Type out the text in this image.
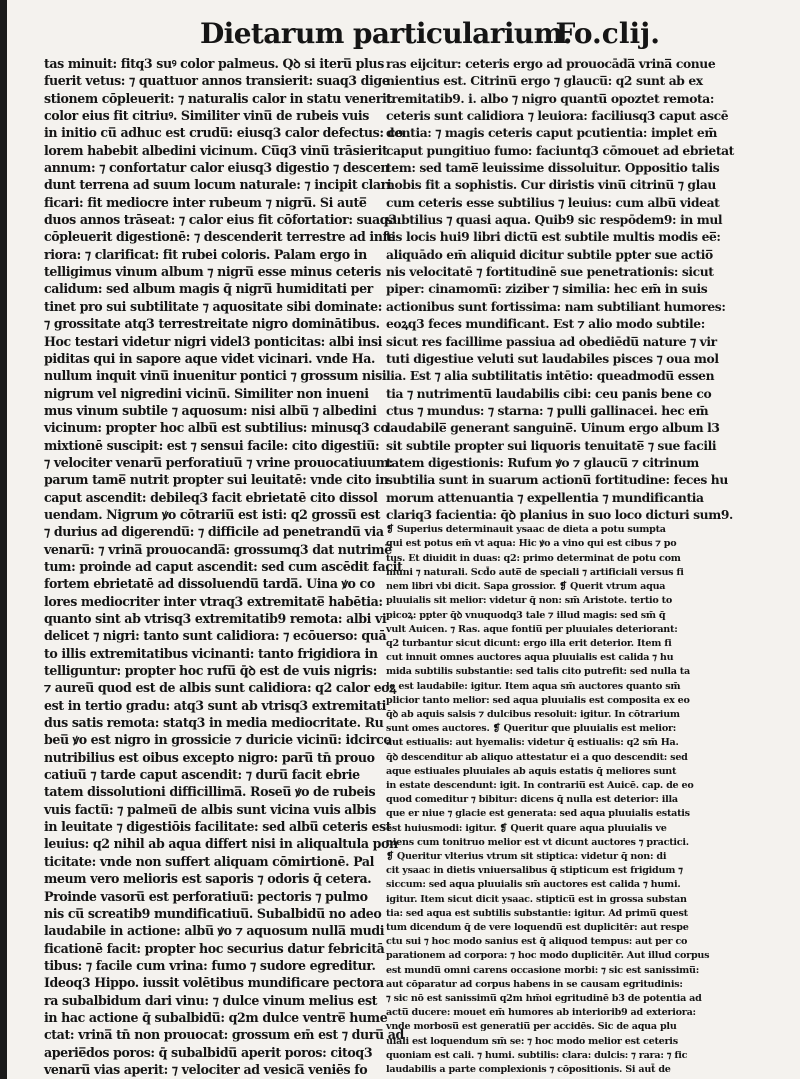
Dietarum particularium.
Fo.clij.
tas minuit: fitq3 suꝰ color palmeus. Qꝺ si iteru̅ plus
fuerit vetus: ⁊ quattuor annos transierit: suaq3 dige
stionem cōpleuerit: ⁊ naturalis calor in statu venerit
color eius fit citriuꝰ. Similiter vinu̅ de rubeis vuis
in initio cu̅ adhuc est crudu̅: eiusq3 calor defectus: co
lorem habebit albedini vicinum. Cu̅q3 vinu̅ trāsierit
annum: ⁊ confortatur calor eiusq3 digestio ⁊ descen
dunt terrena ad suum locum naturale: ⁊ incipit clari
ficari: fit mediocre inter rubeum ⁊ nigru̅. Si aute̅
duos annos trāseat: ⁊ calor eius fit cōfortatior: suaq3
cōpleuerit digestionē: ⁊ descenderit terrestre ad infe
riora: ⁊ clarificat: fit rubei coloris. Palam ergo in
telligimus vinum album ⁊ nigru̅ esse minus ceteris
calidum: sed album magis q̄ nigru̅ humiditati per
tinet pro sui subtilitate ⁊ aquositate sibi dominate:
⁊ grossitate atq3 terrestreitate nigro dominātibus.
Hoc testari videtur nigri videl3 ponticitas: albi insi
piditas qui in sapore aque videt vicinari. vnde Ha.
nullum inquit vinu̅ inuenitur pontici ⁊ grossum nisi
nigrum vel nigredini vicinu̅. Similiter non inueni
mus vinum subtile ⁊ aquosum: nisi albu̅ ⁊ albedini
vicinum: propter hoc albu̅ est subtilius: minusq3 co
mixtionē suscipit: est ⁊ sensui facile: cito digestiu̅:
⁊ velociter venaru̅ perforatiuu̅ ⁊ vrine prouocatiuum:
parum tame̅ nutrit propter sui leuitatē: vnde cito in
caput ascendit: debileq3 facit ebrietatē cito dissol
uendam. Nigrum ꝟo cōtrariu̅ est isti: q2 grossu̅ est
⁊ durius ad digerendu̅: ⁊ difficile ad penetrandu̅ via
venaru̅: ⁊ vrina̅ prouocanda̅: grossumq3 dat nutrime̅
tum: proinde ad caput ascendit: sed cum ascēdit facit
fortem ebrietatē ad dissoluendu̅ tarda̅. Uina ꝟo co
lores mediocriter inter vtraq3 extremitate̅ habētia:
quanto sint ab vtrisq3 extremitatib9 remota: albi vi
delicet ⁊ nigri: tanto sunt calidiora: ⁊ ecōuerso: quā
to illis extremitatibus vicinanti: tanto frigidiora in
telliguntur: propter hoc rufu̅ q̄ꝺ est de vuis nigris:
⁊ aureu̅ quod est de albis sunt calidiora: q2 calor eoꝝ
est in tertio gradu: atq3 sunt ab vtrisq3 extremitati
dus satis remota: statq3 in media mediocritate. Ru
beu̅ ꝟo est nigro in grossicie ⁊ duricie vicinu̅: idcirco
nutribilius est oibus excepto nigro: paru̅ tn̄ prouo
catiuu̅ ⁊ tarde caput ascendit: ⁊ duru̅ facit ebrie
tatem dissolutioni difficillima̅. Roseu̅ ꝟo de rubeis
vuis factu̅: ⁊ palmeu̅ de albis sunt vicina vuis albis
in leuitate ⁊ digestiōis facilitate: sed albu̅ ceteris est
leuius: q2 nihil ab aqua differt nisi in aliqualtula pon
ticitate: vnde non suffert aliquam cōmirtionē. Pal
meum vero melioris est saporis ⁊ odoris q̄ cetera.
Proinde vasoru̅ est perforatiuu̅: pectoris ⁊ pulmo
nis cu̅ screatib9 mundificatiuu̅. Subalbidu̅ no adeo
laudabile in actione: albu̅ ꝟo ⁊ aquosum nulla̅ mudi
ficationē facit: propter hoc securius datur febricitā
tibus: ⁊ facile cum vrina: fumo ⁊ sudore egreditur.
Ideoq3 Hippo. iussit volētibus mundificare pectora
ra subalbidum dari vinu: ⁊ dulce vinum melius est
in hac actione q̄ subalbidu̅: q2m dulce ventre̅ hume
ctat: vrina̅ tn̄ non prouocat: grossum em̄ est ⁊ duru̅ ad
aperie̅dos poros: q̄ subalbidu̅ aperit poros: citoq3
venaru̅ vias aperit: ⁊ velociter ad vesica̅ veniēs fo
ras eijcitur: ceteris ergo ad prouocāda̅ vrina̅ conue
nientius est. Citrinu̅ ergo ⁊ glaucu̅: q2 sunt ab ex
tremitatib9. i. albo ⁊ nigro quantu̅ opoztet remota:
ceteris sunt calidiora ⁊ leuiora: faciliusq3 caput ascē
dentia: ⁊ magis ceteris caput pcutientia: implet em̄
caput pungitiuo fumo: faciuntq3 cōmouet ad ebrietat
tem: sed tame̅ leuissime dissoluitur. Oppositio talis
nobis fit a sophistis. Cur diristis vinu̅ citrinu̅ ⁊ glau
cum ceteris esse subtilius ⁊ leuius: cum albu̅ videat
subtilius ⁊ quasi aqua. Quib9 sic respōdem9: in mul
tis locis hui9 libri dictu̅ est subtile multis modis ee̅:
aliquādo em̄ aliquid dicitur subtile ppter sue actio̅
nis velocitatē ⁊ fortitudinē sue penetrationis: sicut
piper: cinamomu̅: ziziber ⁊ similia: hec em̄ in suis
actionibus sunt fortissima: nam subtiliant humores:
eoꝝq3 feces mundificant. Est ⁊ alio modo subtile:
sicut res facillime passiua ad obediēdu̅ nature ⁊ vir
tuti digestiue veluti sut laudabiles pisces ⁊ oua mol
lia. Est ⁊ alia subtilitatis intētio: queadmodu̅ essen
tia ⁊ nutrimentu̅ laudabilis cibi: ceu panis bene co
ctus ⁊ mundus: ⁊ starna: ⁊ pulli gallinacei. hec em̄
laudabile̅ generant sanguine̅. Uinum ergo album l3
sit subtile propter sui liquoris tenuitate̅ ⁊ sue facili
tatem digestionis: Rufum ꝟo ⁊ glaucu̅ ⁊ citrinum
subtilia sunt in suarum actionu̅ fortitudine: feces hu
morum attenuantia ⁊ expellentia ⁊ mundificantia
clariq3 facientia: q̄ꝺ planius in suo loco dicturi sum9.
❡ Superius determinauit ysaac de dieta a potu sumpta
qui est potus em̄ vt aqua: Hic ꝟo a vino qui est cibus ⁊ po
tus. Et diuidit in duas: q2: primo determinat de potu com
muni ⁊ naturali. Scd̄o aute̅ de speciali ⁊ artificiali versus fi
nem libri vbi dicit. Sapa grossior. ❡ Querit vtrum aqua
pluuialis sit melior: videtur q̄ non: sm̄ Aristote. tertio to
picoꝝ: ppter q̄ꝺ vnuquodq3 tale ⁊ illud magis: sed sm̄ q̄
vult Auicen. ⁊ Ras. aque fontiu̅ per pluuiales deteriorant:
q2 turbantur sicut dicunt: ergo illa erit deterior. Item fi
cut innuit omnes auctores aqua pluuialis est calida ⁊ hu
mida subtilis substantie: sed talis cito putrefit: sed nulla ta
le est laudabile: igitur. Item aqua sm̄ auctores quanto sm̄
plicior tanto melior: sed aqua pluuialis est composita ex eo
q̄ꝺ ab aquis salsis ⁊ dulcibus resoluit: igitur. In cōtrarium
sunt omes auctores. ❡ Queritur que pluuialis est melior:
aut estiualis: aut hyemalis: videtur q̄ estiualis: q2 sm̄ Ha.
q̄ꝺ descenditur ab aliquo attestatur ei a quo descendit: sed
aque estiuales pluuiales ab aquis estatis q̄ meliores sunt
in estate descendunt: igit. In contrariu̅ est Auicē. cap. de eo
quod comeditur ⁊ bibitur: dicens q̄ nulla est deterior: illa
que er niue ⁊ glacie est generata: sed aqua pluuialis estatis
est huiusmodi: igitur. ❡ Querit quare aqua pluuialis ve
niens cum tonitruo melior est vt dicunt auctores ⁊ practici.
❡ Queritur vlterius vtrum sit stiptica: videtur q̄ non: di
cit ysaac in dietis vniuersalibus q̄ stipticum est frigidum ⁊
siccum: sed aqua pluuialis sm̄ auctores est calida ⁊ humi.
igitur. Item sicut dicit ysaac. stipticu̅ est in grossa substan
tia: sed aqua est subtilis substantie: igitur. Ad primu̅ quest
tum dicendum q̄ de vere loquendu̅ est duplicitēr: aut respe
ctu sui ⁊ hoc modo sanius est q̄ aliquod tempus: aut per co
parationem ad corpora: ⁊ hoc modo duplicitēr. Aut illud corpus
est mundu̅ omni carens occasione morbi: ⁊ sic est sanissimu̅:
aut cōparatur ad corpus habens in se causam egritudinis:
⁊ sic nō est sanissimu̅ q2m hm̄oi egritudinē b3 de potentia ad
actu̅ ducere: mouet em̄ humores ab interiorib9 ad exteriora:
vnde morbosu̅ est generatiu̅ per accidēs. Sic de aqua plu
uiali est loquendum sm̄ se: ⁊ hoc modo melior est ceteris
quoniam est cali. ⁊ humi. subtilis: clara: dulcis: ⁊ rara: ⁊ fic
laudabilis a parte complexionis ⁊ cōpositionis. Si aut̄ de
